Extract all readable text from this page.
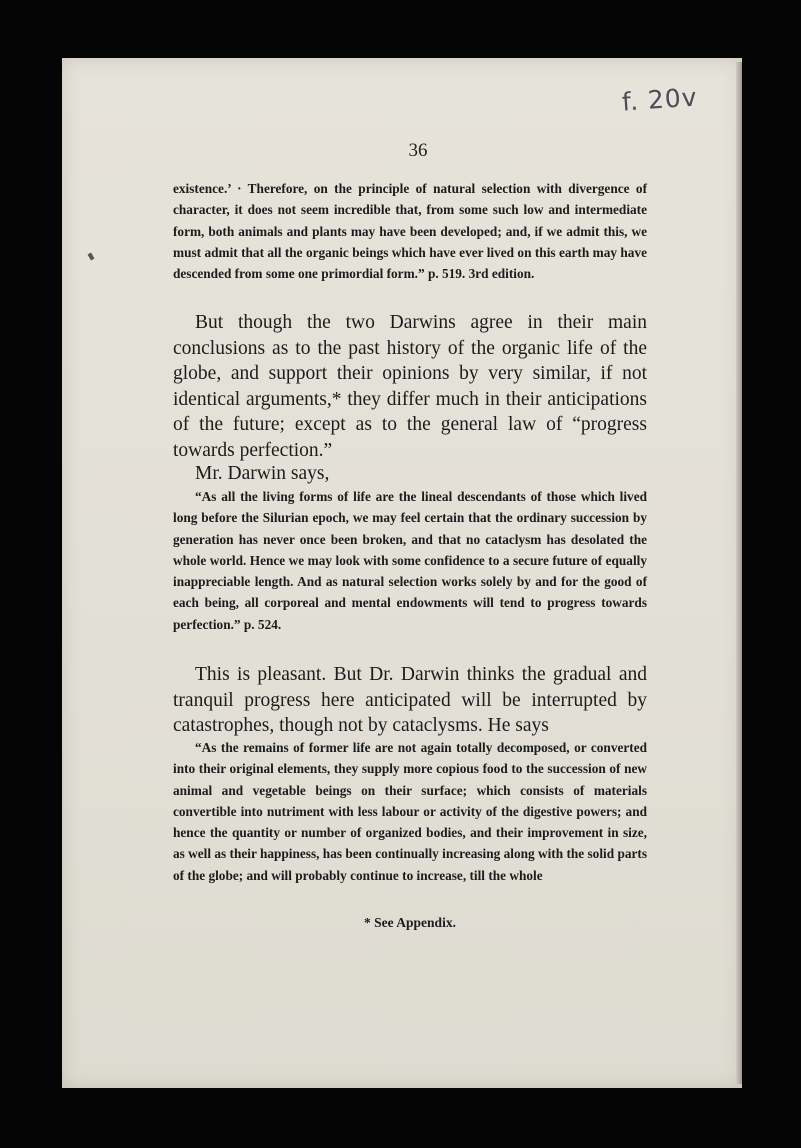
f. 20v
36

existence.’ · Therefore, on the principle of natural selection with divergence of character, it does not seem incredible that, from some such low and intermediate form, both animals and plants may have been developed; and, if we admit this, we must admit that all the organic beings which have ever lived on this earth may have descended from some one primordial form.” p. 519. 3rd edition.

But though the two Darwins agree in their main conclusions as to the past history of the organic life of the globe, and support their opinions by very similar, if not identical arguments,* they differ much in their anticipations of the future; except as to the general law of “progress towards perfection.”

Mr. Darwin says,

“As all the living forms of life are the lineal descendants of those which lived long before the Silurian epoch, we may feel certain that the ordinary succession by generation has never once been broken, and that no cataclysm has desolated the whole world. Hence we may look with some confidence to a secure future of equally inappreciable length. And as natural selection works solely by and for the good of each being, all corporeal and mental endowments will tend to progress towards perfection.” p. 524.

This is pleasant. But Dr. Darwin thinks the gradual and tranquil progress here anticipated will be interrupted by catastrophes, though not by cataclysms. He says

“As the remains of former life are not again totally decomposed, or converted into their original elements, they supply more copious food to the succession of new animal and vegetable beings on their surface; which consists of materials convertible into nutriment with less labour or activity of the digestive powers; and hence the quantity or number of organized bodies, and their improvement in size, as well as their happiness, has been continually increasing along with the solid parts of the globe; and will probably continue to increase, till the whole

* See Appendix.
